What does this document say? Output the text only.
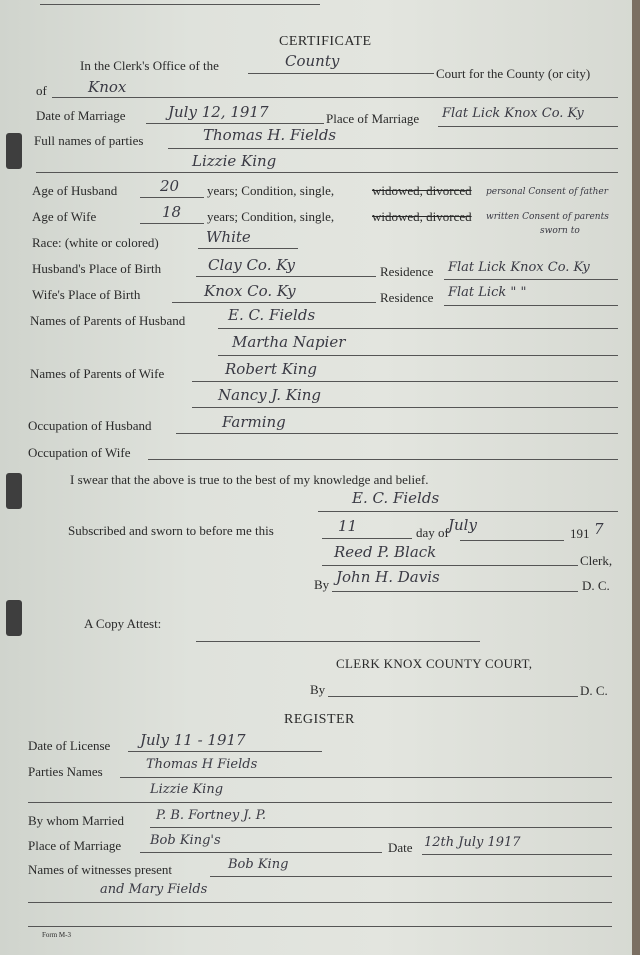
CERTIFICATE
In the Clerk's Office of the	County
Court for the County (or city)
of	Knox
Date of Marriage	July 12, 1917	Place of Marriage Flat Lick Knox Co. Ky
Full names of parties	Thomas H. Fields
Lizzie King
Age of Husband	20 years; Condition, single,	widowed, divorced personal Consent of father
Age of Wife	18 years; Condition, single,	widowed, divorced written Consent of parents
sworn to
Race: (white or colored)	White
Husband's Place of Birth	Clay Co. Ky	Residence Flat Lick Knox Co. Ky
Wife's Place of Birth	Knox Co. Ky	Residence Flat Lick " "
Names of Parents of Husband	E. C. Fields
Martha Napier
Names of Parents of Wife	Robert King
Nancy J. King
Occupation of Husband	Farming
Occupation of Wife
I swear that the above is true to the best of my knowledge and belief.
E. C. Fields
Subscribed and sworn to before me this	11	day of July	191 7
Reed P. Black	Clerk,
By John H. Davis	D. C.
A Copy Attest:
CLERK KNOX COUNTY COURT,
By	D. C.
REGISTER
Date of License July 11 - 1917
Parties Names	Thomas H Fields
Lizzie King
By whom Married P. B. Fortney J. P.
Place of Marriage Bob King's	Date 12th July 1917
Names of witnesses present	Bob King
and Mary Fields
Form M-3
